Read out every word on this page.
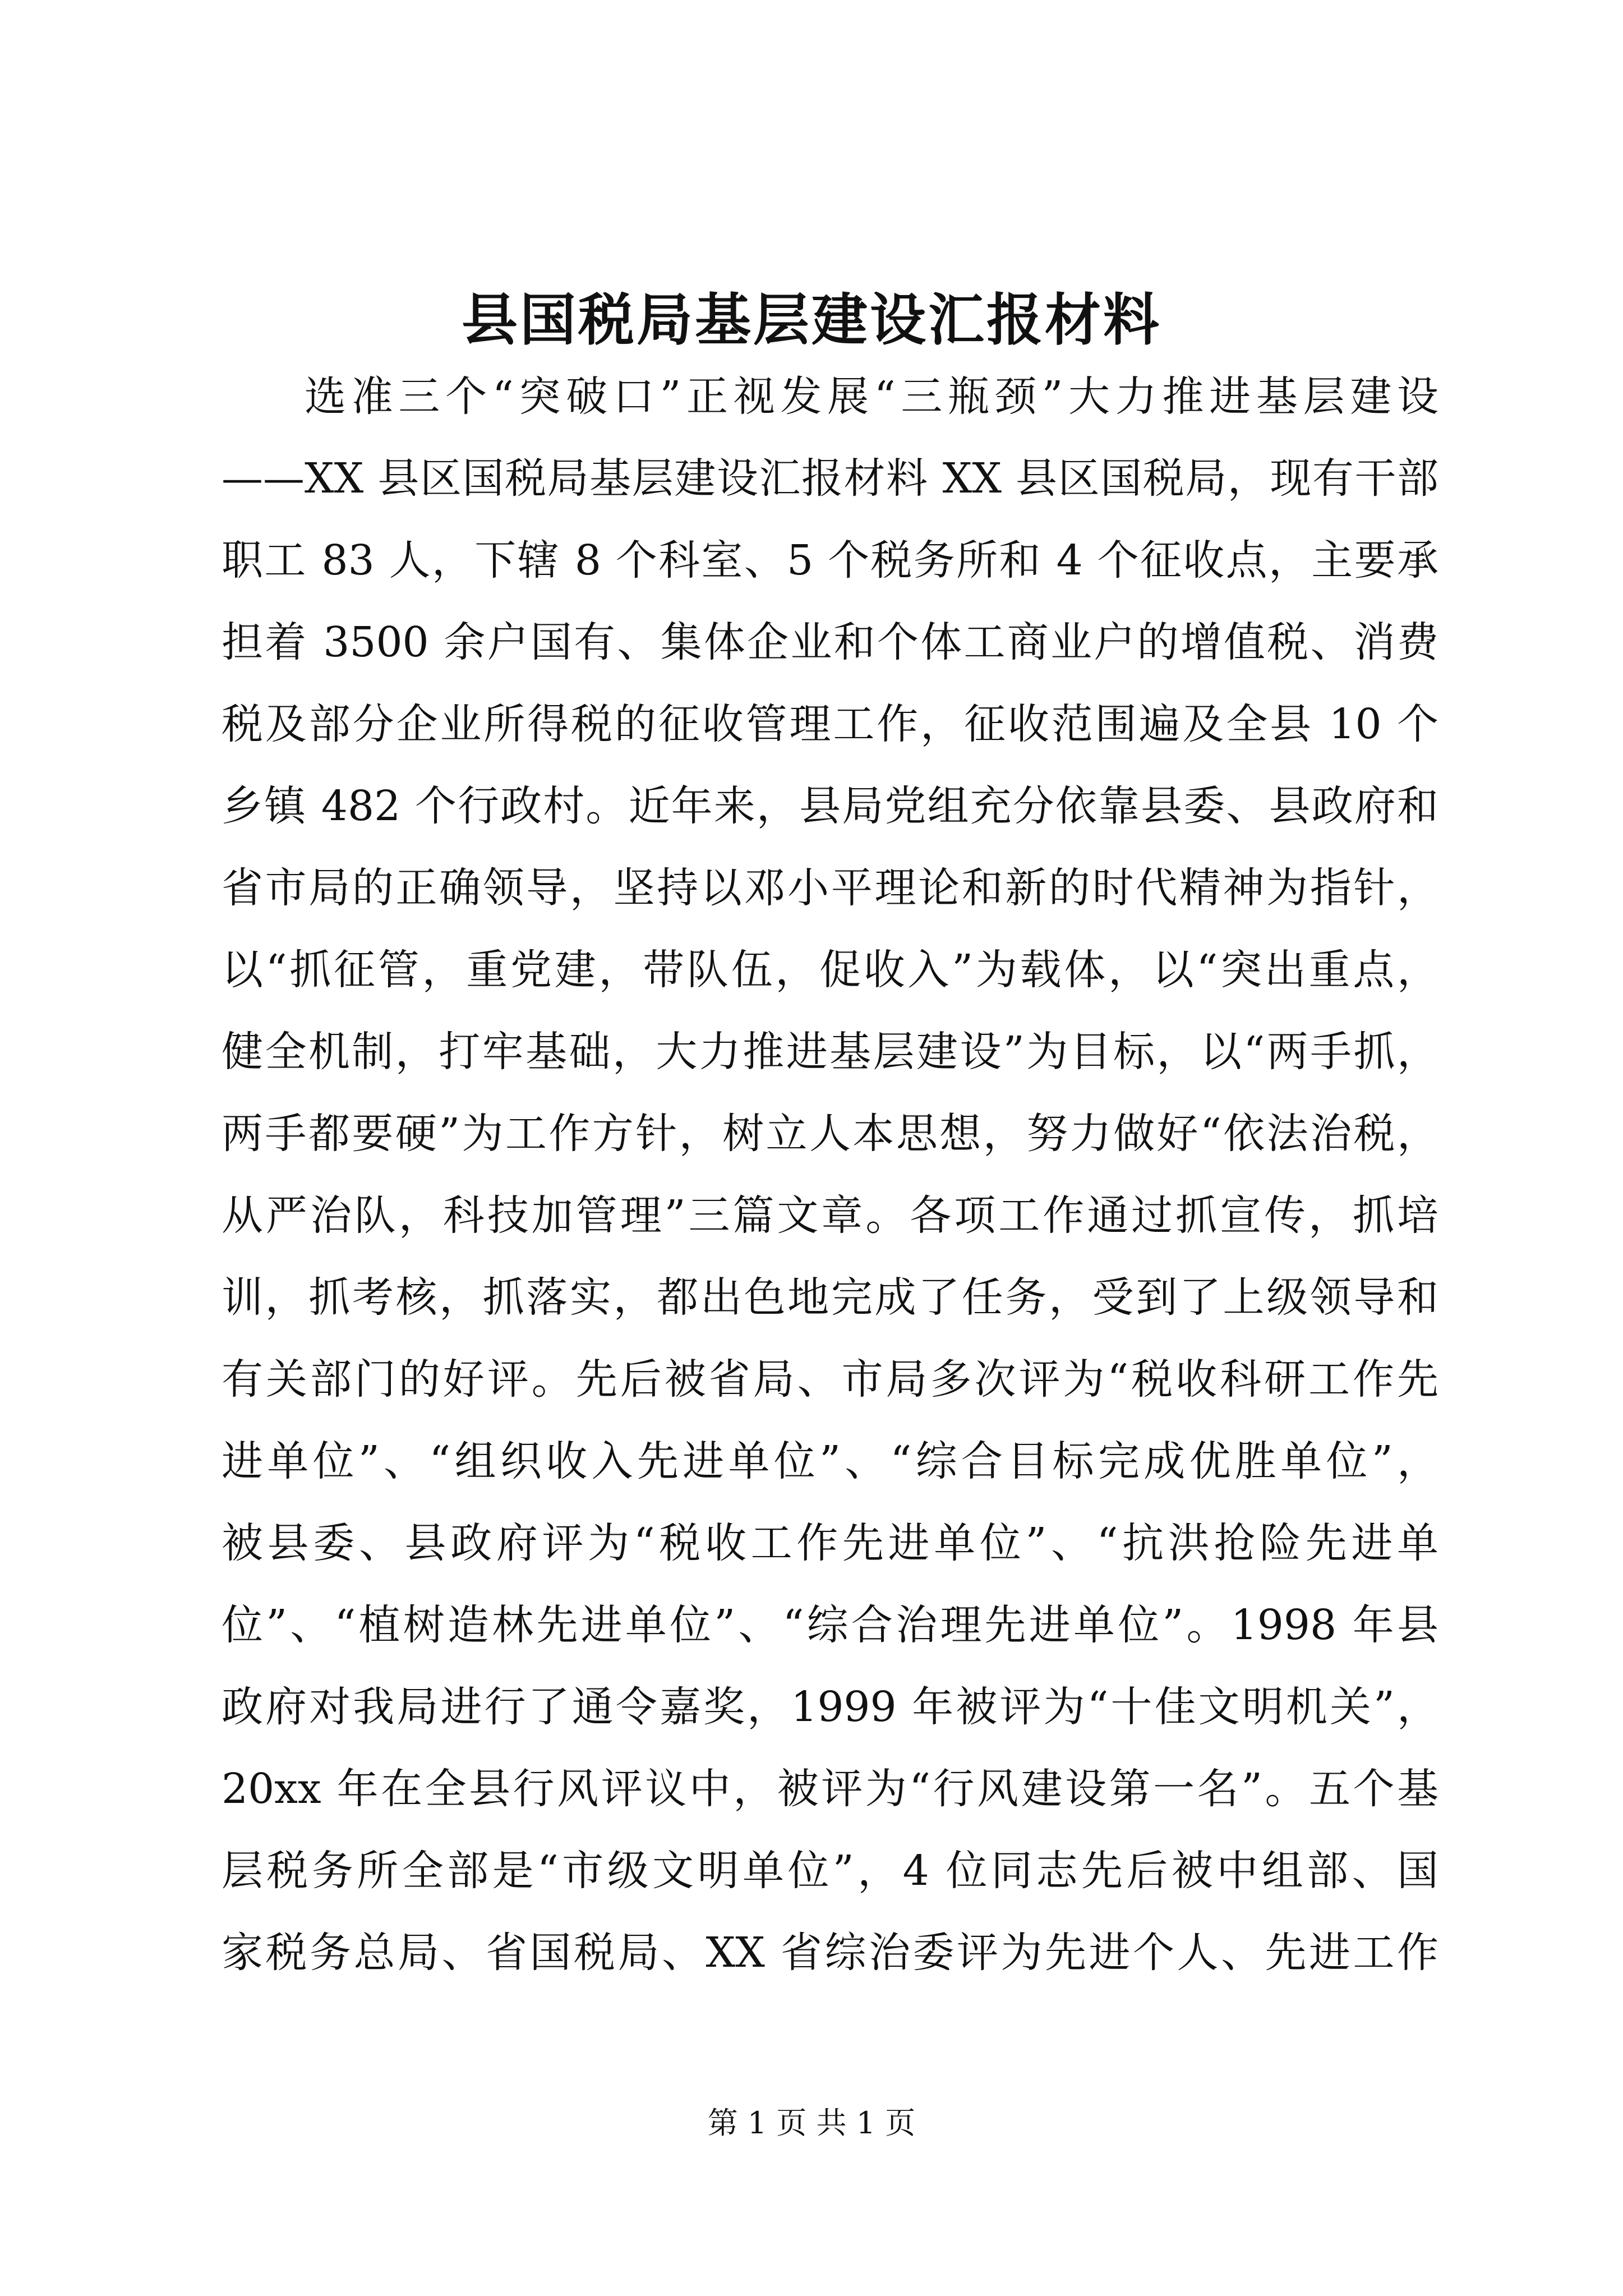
县国税局基层建设汇报材料
选准三个“突破口”正视发展“三瓶颈”大力推进基层建设
——XX 县区国税局基层建设汇报材料 XX 县区国税局，现有干部
职工 83 人，下辖 8 个科室、5 个税务所和 4 个征收点，主要承
担着 3500 余户国有、集体企业和个体工商业户的增值税、消费
税及部分企业所得税的征收管理工作，征收范围遍及全县 10 个
乡镇 482 个行政村。近年来，县局党组充分依靠县委、县政府和
省市局的正确领导，坚持以邓小平理论和新的时代精神为指针，
以“抓征管，重党建，带队伍，促收入”为载体，以“突出重点，
健全机制，打牢基础，大力推进基层建设”为目标，以“两手抓，
两手都要硬”为工作方针，树立人本思想，努力做好“依法治税，
从严治队，科技加管理”三篇文章。各项工作通过抓宣传，抓培
训，抓考核，抓落实，都出色地完成了任务，受到了上级领导和
有关部门的好评。先后被省局、市局多次评为“税收科研工作先
进单位”、“组织收入先进单位”、“综合目标完成优胜单位”，
被县委、县政府评为“税收工作先进单位”、“抗洪抢险先进单
位”、“植树造林先进单位”、“综合治理先进单位”。1998 年县
政府对我局进行了通令嘉奖，1999 年被评为“十佳文明机关”，
20xx 年在全县行风评议中，被评为“行风建设第一名”。五个基
层税务所全部是“市级文明单位”，4 位同志先后被中组部、国
家税务总局、省国税局、XX 省综治委评为先进个人、先进工作
第 1 页 共 1 页
